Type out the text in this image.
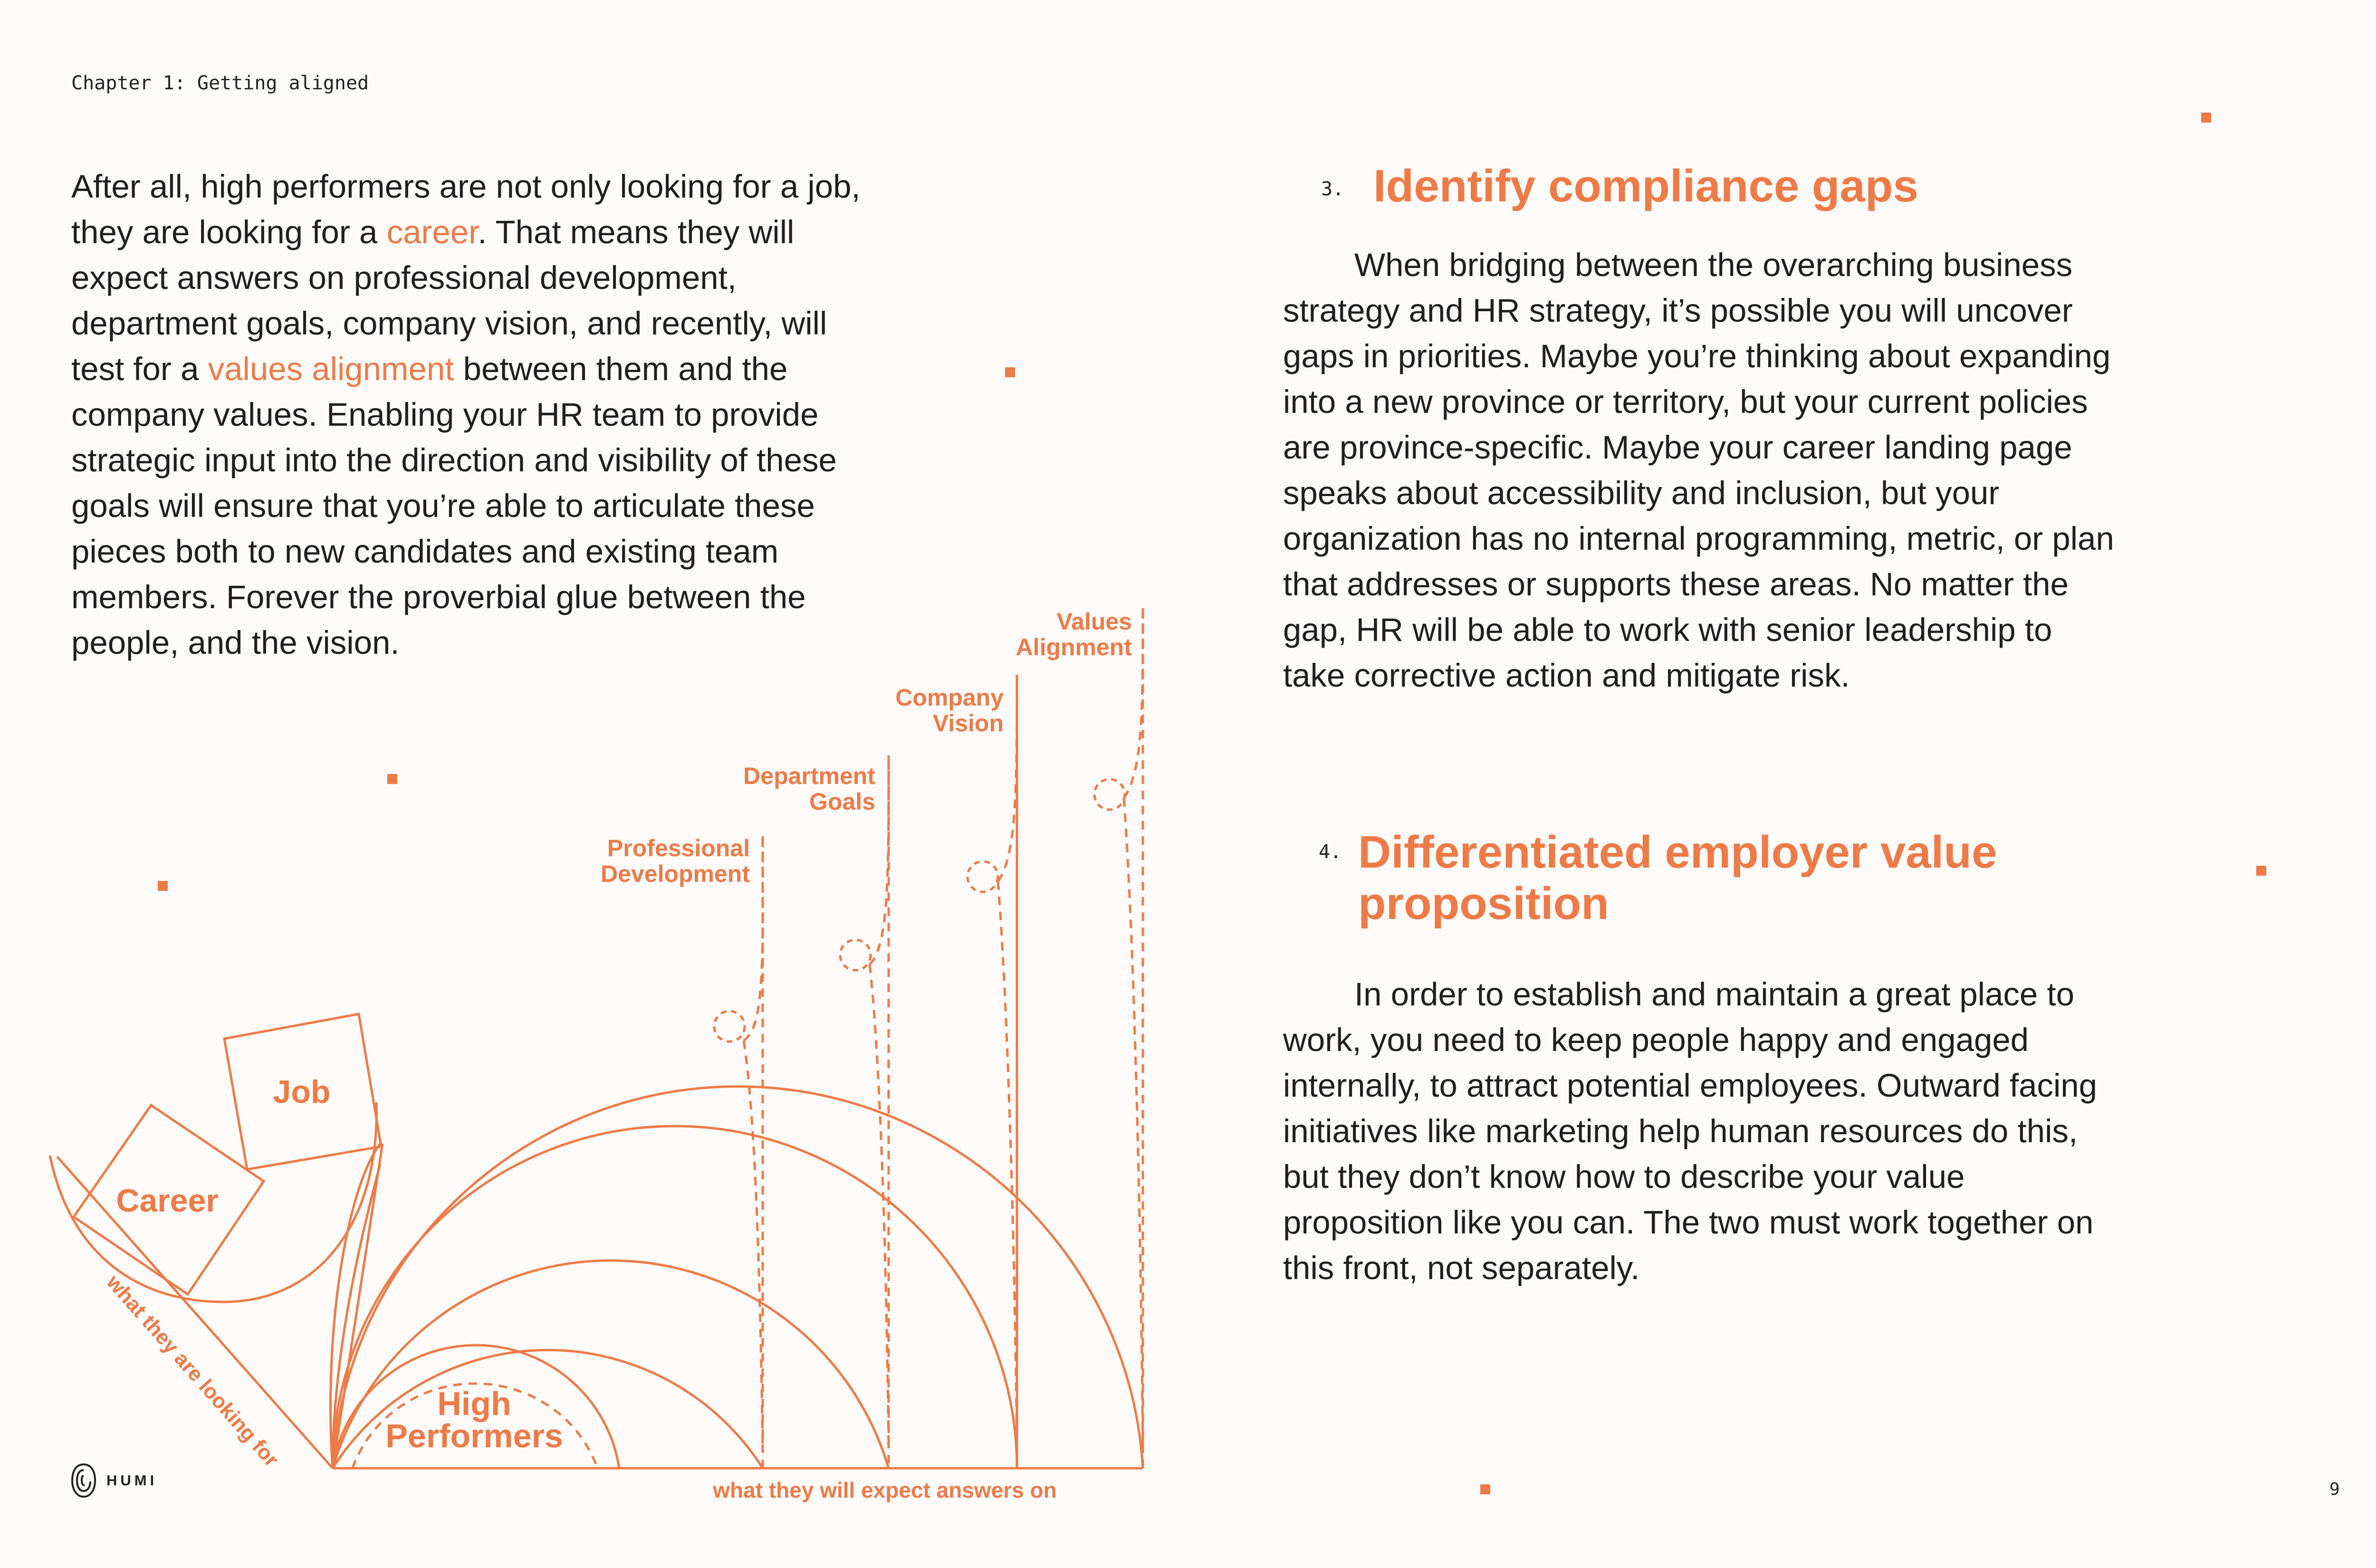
Chapter 1: Getting aligned

After all, high performers are not only looking for a job, they are looking for a career. That means they will expect answers on professional development, department goals, company vision, and recently, will test for a values alignment between them and the company values. Enabling your HR team to provide strategic input into the direction and visibility of these goals will ensure that you’re able to articulate these pieces both to new candidates and existing team members. Forever the proverbial glue between the people, and the vision.

3. Identify compliance gaps

When bridging between the overarching business strategy and HR strategy, it’s possible you will uncover gaps in priorities. Maybe you’re thinking about expanding into a new province or territory, but your current policies are province-specific. Maybe your career landing page speaks about accessibility and inclusion, but your organization has no internal programming, metric, or plan that addresses or supports these areas. No matter the gap, HR will be able to work with senior leadership to take corrective action and mitigate risk.

4. Differentiated employer value proposition

In order to establish and maintain a great place to work, you need to keep people happy and engaged internally, to attract potential employees. Outward facing initiatives like marketing help human resources do this, but they don’t know how to describe your value proposition like you can. The two must work together on this front, not separately.

Job
Career
High
Performers
Professional
Development
Department
Goals
Company
Vision
Values
Alignment
what they will expect answers on
what they are looking for
HUMI	9
